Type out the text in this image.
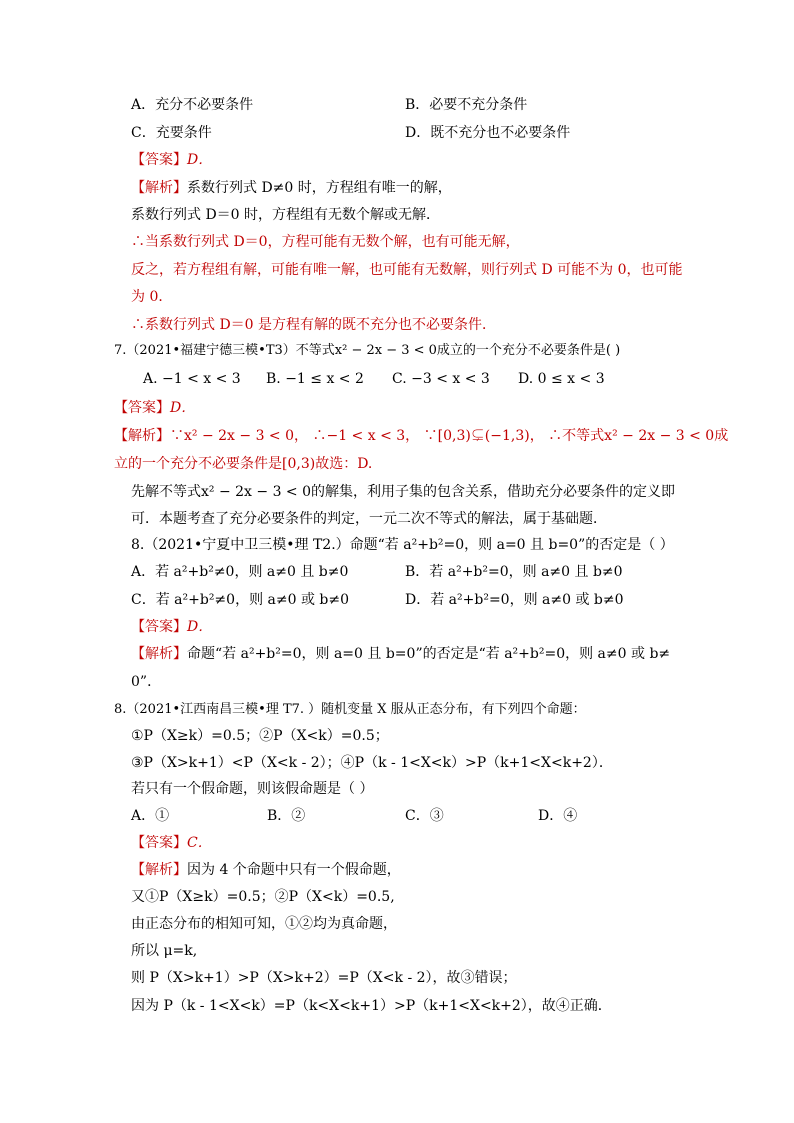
A．充分不必要条件	B．必要不充分条件
C．充要条件	D．既不充分也不必要条件
【答案】D．
【解析】系数行列式 D≠0 时，方程组有唯一的解，
系数行列式 D＝0 时，方程组有无数个解或无解．
∴当系数行列式 D＝0，方程可能有无数个解，也有可能无解，
反之，若方程组有解，可能有唯一解，也可能有无数解，则行列式 D 可能不为 0，也可能
为 0．
∴系数行列式 D＝0 是方程有解的既不充分也不必要条件．
7.（2021•福建宁德三模•T3）不等式x² − 2x − 3 < 0成立的一个充分不必要条件是( )
A. −1 < x < 3 B. −1 ≤ x < 2 C. −3 < x < 3 D. 0 ≤ x < 3
【答案】D．
【解析】∵x² − 2x − 3 < 0， ∴−1 < x < 3， ∵[0,3)⊊(−1,3)， ∴不等式x² − 2x − 3 < 0成
立的一个充分不必要条件是[0,3)故选：D.
先解不等式x² − 2x − 3 < 0的解集，利用子集的包含关系，借助充分必要条件的定义即
可．本题考查了充分必要条件的判定，一元二次不等式的解法，属于基础题．
8.（2021•宁夏中卫三模•理 T2.）命题“若 a²+b²=0，则 a=0 且 b=0”的否定是（ ）
A．若 a²+b²≠0，则 a≠0 且 b≠0	B．若 a²+b²=0，则 a≠0 且 b≠0
C．若 a²+b²≠0，则 a≠0 或 b≠0	D．若 a²+b²=0，则 a≠0 或 b≠0
【答案】D．
【解析】命题“若 a²+b²=0，则 a=0 且 b=0”的否定是“若 a²+b²=0，则 a≠0 或 b≠
0”．
8.（2021•江西南昌三模•理 T7. ）随机变量 X 服从正态分布，有下列四个命题：
①P（X≥k）=0.5；②P（X<k）=0.5；
③P（X>k+1）<P（X<k - 2）；④P（k - 1<X<k）>P（k+1<X<k+2）．
若只有一个假命题，则该假命题是（ ）
A．①	B．②	C．③	D．④
【答案】C．
【解析】因为 4 个命题中只有一个假命题，
又①P（X≥k）=0.5；②P（X<k）=0.5,
由正态分布的相知可知，①②均为真命题，
所以 μ=k,
则 P（X>k+1）>P（X>k+2）=P（X<k - 2），故③错误；
因为 P（k - 1<X<k）=P（k<X<k+1）>P（k+1<X<k+2），故④正确．
